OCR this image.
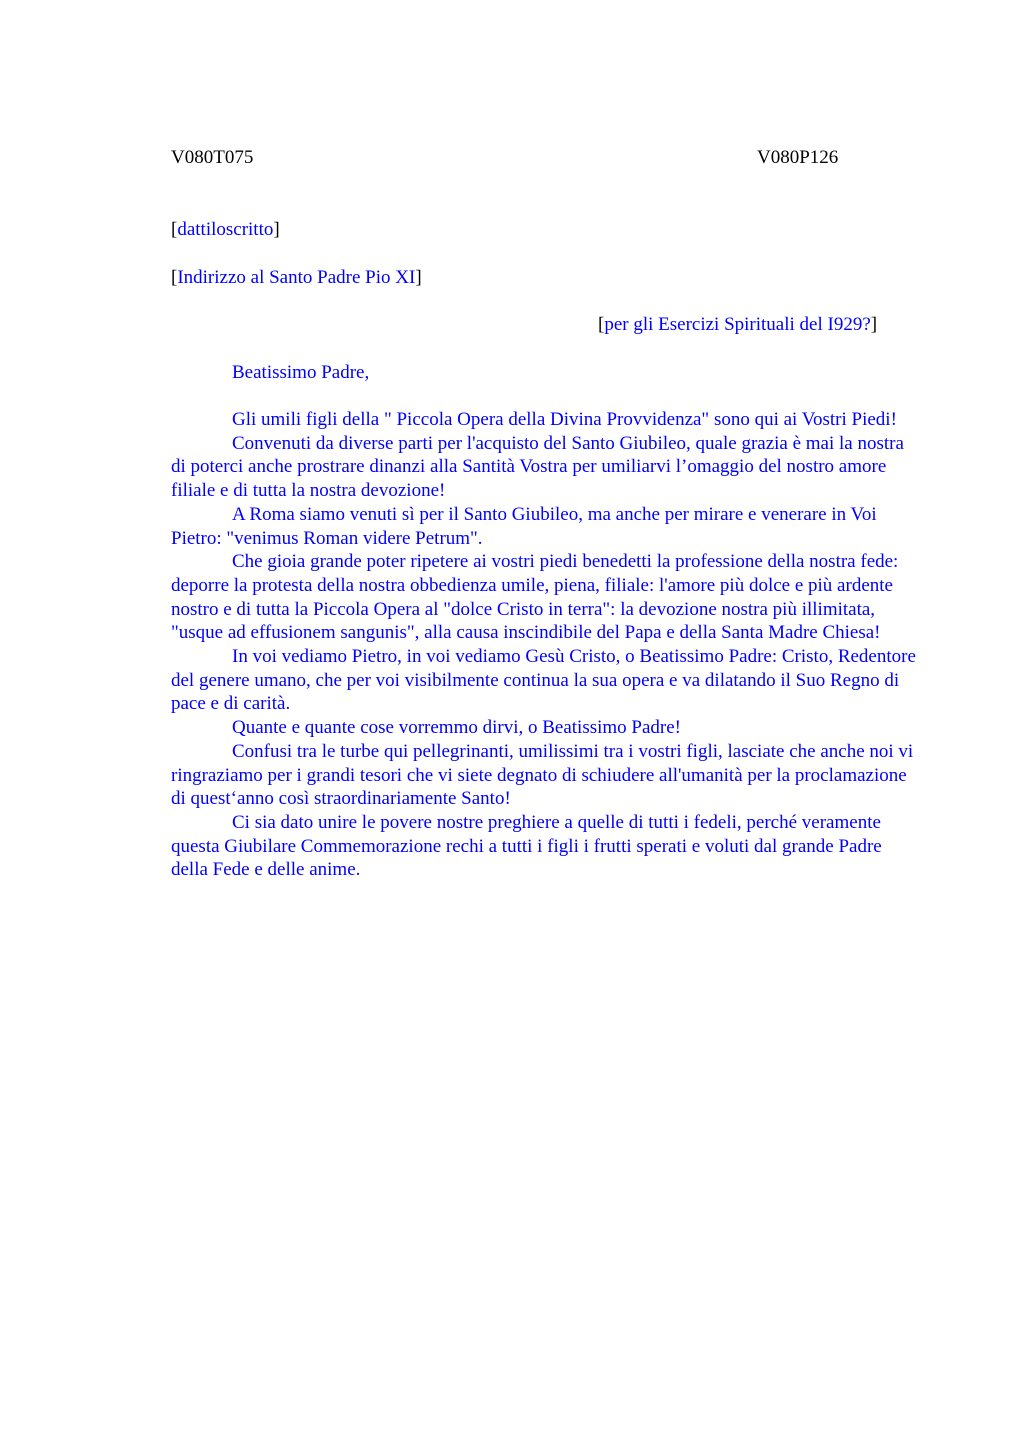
V080T075	V080P126
[dattiloscritto]
[Indirizzo al Santo Padre Pio XI]
[per gli Esercizi Spirituali del I929?]
Beatissimo Padre,

Gli umili figli della " Piccola Opera della Divina Provvidenza" sono qui ai Vostri Piedi!

Convenuti da diverse parti per l'acquisto del Santo Giubileo, quale grazia è mai la nostra di poterci anche prostrare dinanzi alla Santità Vostra per umiliarvi l’omaggio del nostro amore filiale e di tutta la nostra devozione!

A Roma siamo venuti sì per il Santo Giubileo, ma anche per mirare e venerare in Voi Pietro: "venimus Roman videre Petrum".

Che gioia grande poter ripetere ai vostri piedi benedetti la professione della nostra fede: deporre la protesta della nostra obbedienza umile, piena, filiale: l'amore più dolce e più ardente nostro e di tutta la Piccola Opera al "dolce Cristo in terra": la devozione nostra più illimitata, "usque ad effusionem sangunis", alla causa inscindibile del Papa e della Santa Madre Chiesa!

In voi vediamo Pietro, in voi vediamo Gesù Cristo, o Beatissimo Padre: Cristo, Redentore del genere umano, che per voi visibilmente continua la sua opera e va dilatando il Suo Regno di pace e di carità.

Quante e quante cose vorremmo dirvi, o Beatissimo Padre!

Confusi tra le turbe qui pellegrinanti, umilissimi tra i vostri figli, lasciate che anche noi vi ringraziamo per i grandi tesori che vi siete degnato di schiudere all'umanità per la proclamazione di quest‘anno così straordinariamente Santo!

Ci sia dato unire le povere nostre preghiere a quelle di tutti i fedeli, perché veramente questa Giubilare Commemorazione rechi a tutti i figli i frutti sperati e voluti dal grande Padre della Fede e delle anime.
